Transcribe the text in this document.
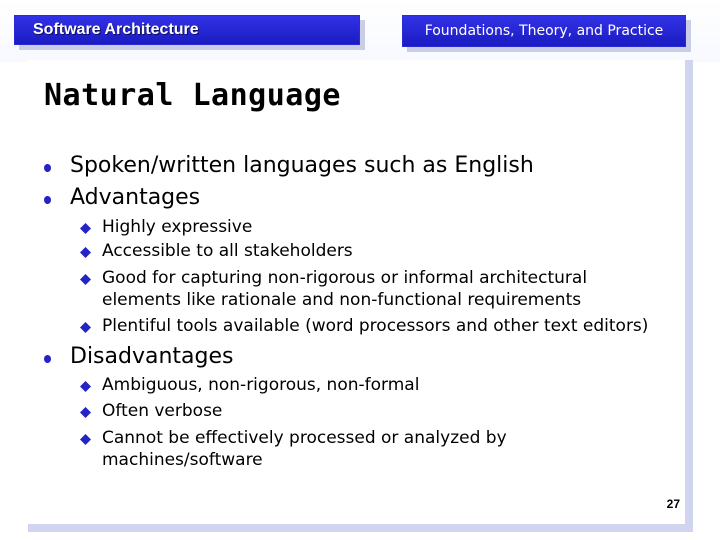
Software Architecture	Foundations, Theory, and Practice
Natural Language
Spoken/written languages such as English
Advantages
Highly expressive
Accessible to all stakeholders
Good for capturing non-rigorous or informal architectural
elements like rationale and non-functional requirements
Plentiful tools available (word processors and other text editors)
Disadvantages
Ambiguous, non-rigorous, non-formal
Often verbose
Cannot be effectively processed or analyzed by
machines/software
27
